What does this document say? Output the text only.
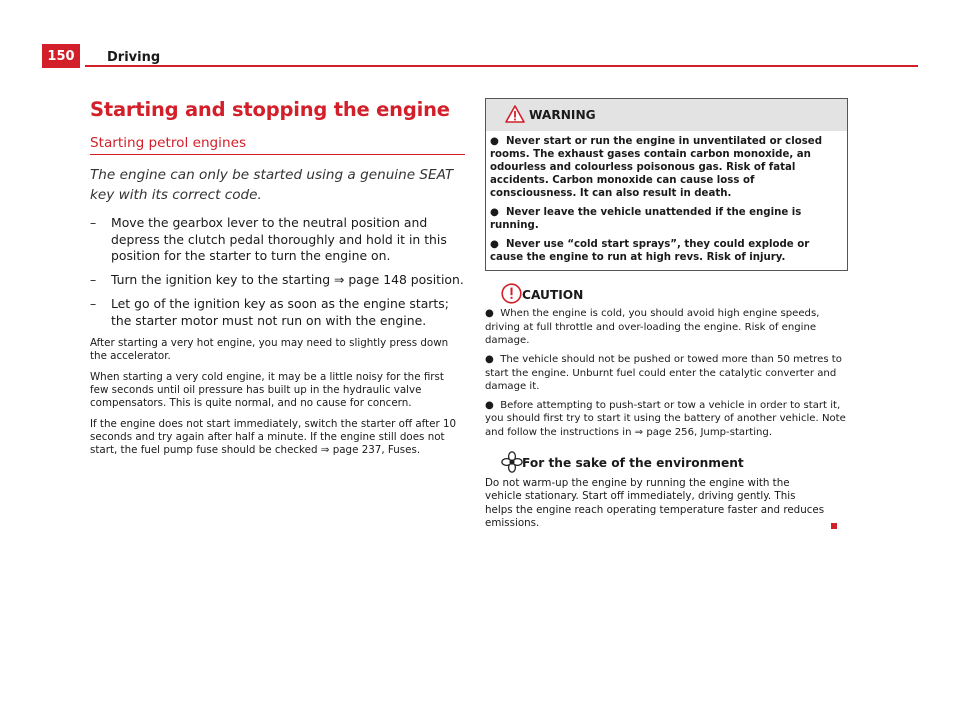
150	Driving
Starting and stopping the engine
Starting petrol engines

The engine can only be started using a genuine SEAT key with its correct code.

– Move the gearbox lever to the neutral position and depress the clutch pedal thoroughly and hold it in this position for the starter to turn the engine on.
– Turn the ignition key to the starting ⇒ page 148 position.
– Let go of the ignition key as soon as the engine starts; the starter motor must not run on with the engine.

After starting a very hot engine, you may need to slightly press down the accelerator.

When starting a very cold engine, it may be a little noisy for the first few seconds until oil pressure has built up in the hydraulic valve compensators. This is quite normal, and no cause for concern.

If the engine does not start immediately, switch the starter off after 10 seconds and try again after half a minute. If the engine still does not start, the fuel pump fuse should be checked ⇒ page 237, Fuses.

WARNING

● Never start or run the engine in unventilated or closed rooms. The exhaust gases contain carbon monoxide, an odourless and colourless poisonous gas. Risk of fatal accidents. Carbon monoxide can cause loss of consciousness. It can also result in death.

● Never leave the vehicle unattended if the engine is running.

● Never use “cold start sprays”, they could explode or cause the engine to run at high revs. Risk of injury.

CAUTION

● When the engine is cold, you should avoid high engine speeds, driving at full throttle and over-loading the engine. Risk of engine damage.

● The vehicle should not be pushed or towed more than 50 metres to start the engine. Unburnt fuel could enter the catalytic converter and damage it.

● Before attempting to push-start or tow a vehicle in order to start it, you should first try to start it using the battery of another vehicle. Note and follow the instructions in ⇒ page 256, Jump-starting.

For the sake of the environment

Do not warm-up the engine by running the engine with the vehicle stationary. Start off immediately, driving gently. This helps the engine reach operating temperature faster and reduces emissions.
